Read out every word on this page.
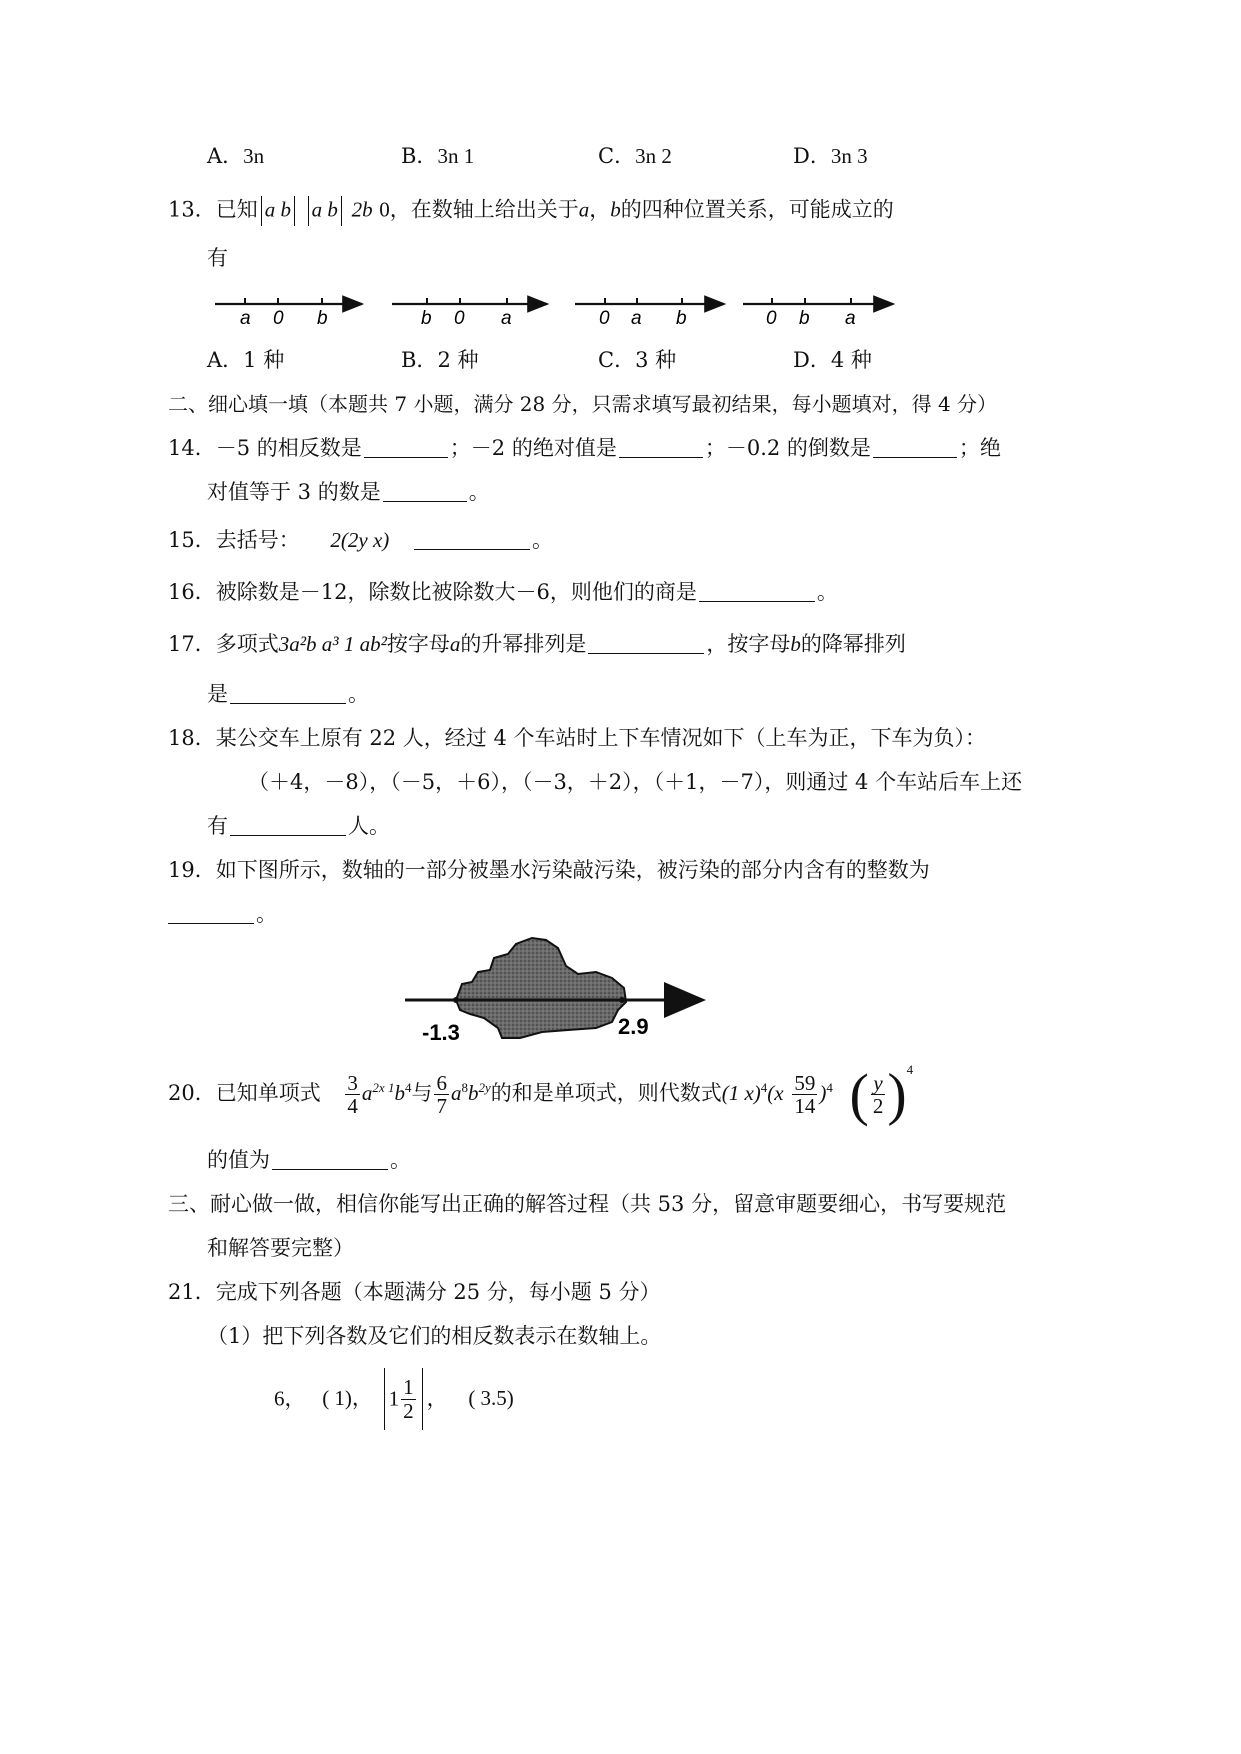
A．3n	B．3n 1	C．3n 2	D．3n 3
13．已知 a b a b 2b 0，在数轴上给出关于a，b的四种位置关系，可能成立的
有
a 0 b	b 0 a	0 a b	0 b a
A．1 种	B．2 种	C．3 种	D．4 种
二、细心填一填（本题共 7 小题，满分 28 分，只需求填写最初结果，每小题填对，得 4 分）
14．－5 的相反数是	；－2 的绝对值是	；－0.2 的倒数是	；绝
对值等于 3 的数是	。
15．去括号： 2(2y x)	。
16．被除数是－12，除数比被除数大－6，则他们的商是	。
17．多项式3a²b a³ 1 ab²按字母a的升幂排列是	，按字母b的降幂排列
是	。
18．某公交车上原有 22 人，经过 4 个车站时上下车情况如下（上车为正，下车为负）：
（＋4，－8），（－5，＋6），（－3，＋2），（＋1，－7），则通过 4 个车站后车上还
有	人。
19．如下图所示，数轴的一部分被墨水污染敲污染，被污染的部分内含有的整数为
。
-1.3	2.9
20．已知单项式 $\frac{3}{4} a^{2x 1}b^4$与 $\frac{6}{7} a^8b^{2y}$的和是单项式，则代数式(1 $x)^4(x \frac{59}{14} )^4$ ( $\frac{y}{2} )^4$
的值为	。
三、耐心做一做，相信你能写出正确的解答过程（共 53 分，留意审题要细心，书写要规范
和解答要完整）
21．完成下列各题（本题满分 25 分，每小题 5 分）
（1）把下列各数及它们的相反数表示在数轴上。
6， ( 1)， $1 \frac{1}{2}$ ， ( 3.5)
